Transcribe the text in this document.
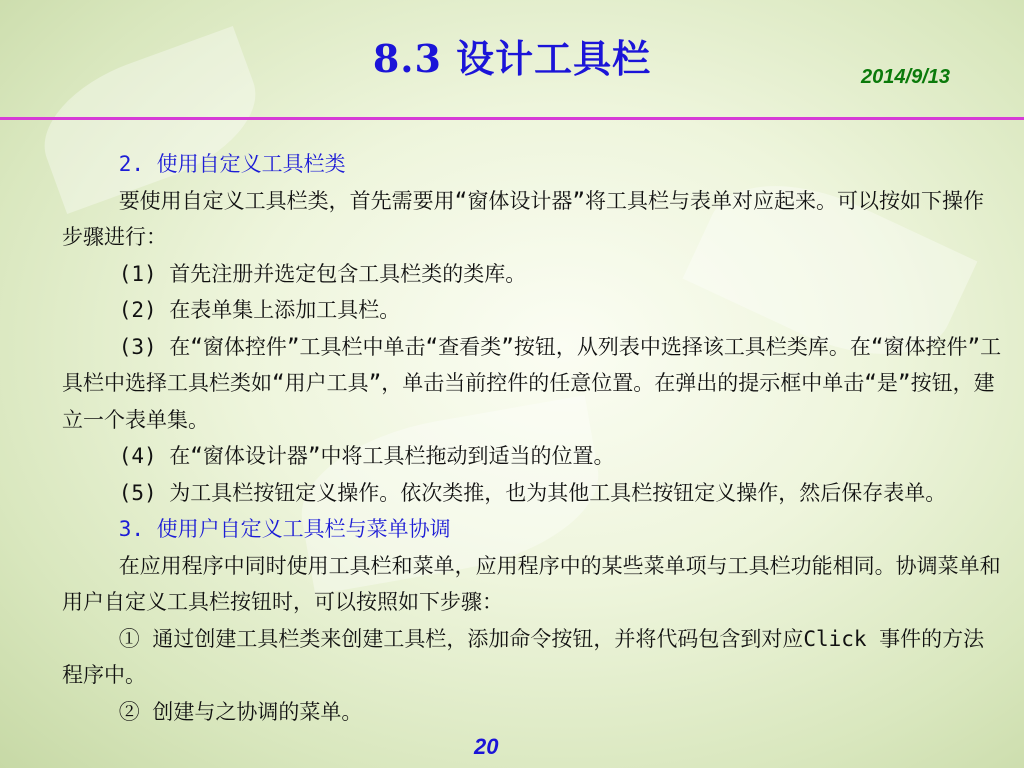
8.3 设计工具栏	2014/9/13

2. 使用自定义工具栏类

要使用自定义工具栏类，首先需要用“窗体设计器”将工具栏与表单对应起来。可以按如下操作步骤进行：

(1) 首先注册并选定包含工具栏类的类库。

(2) 在表单集上添加工具栏。

(3) 在“窗体控件”工具栏中单击“查看类”按钮，从列表中选择该工具栏类库。在“窗体控件”工具栏中选择工具栏类如“用户工具”，单击当前控件的任意位置。在弹出的提示框中单击“是”按钮，建立一个表单集。

(4) 在“窗体设计器”中将工具栏拖动到适当的位置。

(5) 为工具栏按钮定义操作。依次类推，也为其他工具栏按钮定义操作，然后保存表单。

3. 使用户自定义工具栏与菜单协调

在应用程序中同时使用工具栏和菜单，应用程序中的某些菜单项与工具栏功能相同。协调菜单和用户自定义工具栏按钮时，可以按照如下步骤：

① 通过创建工具栏类来创建工具栏，添加命令按钮，并将代码包含到对应Click 事件的方法程序中。

② 创建与之协调的菜单。

20
